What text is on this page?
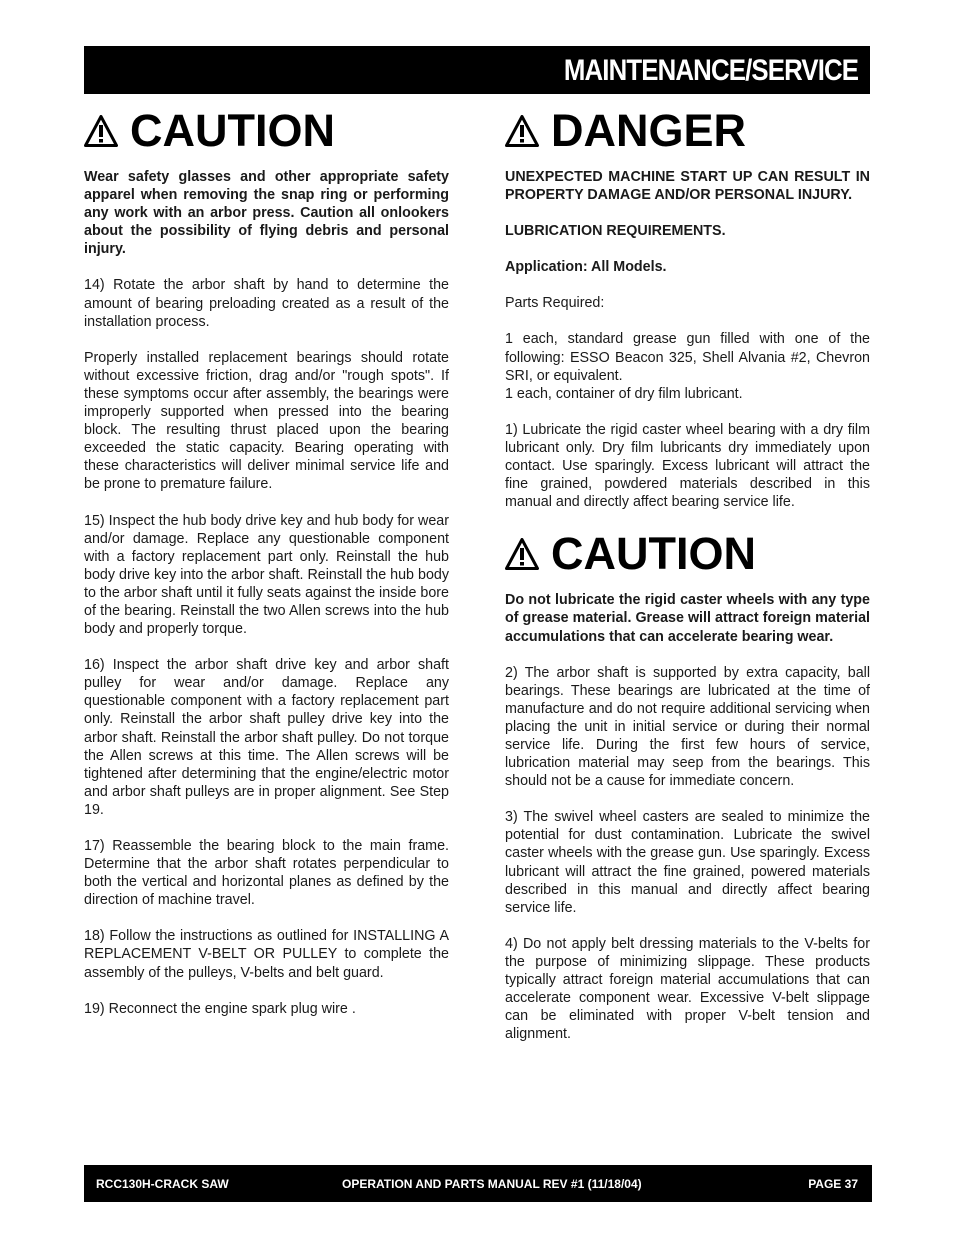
MAINTENANCE/SERVICE
CAUTION

Wear safety glasses and other appropriate safety apparel when removing the snap ring or performing any work with an arbor press. Caution all onlookers about the possibility of flying debris and personal injury.

14) Rotate the arbor shaft by hand to determine the amount of bearing preloading created as a result of the installation process.

Properly installed replacement bearings should rotate without excessive friction, drag and/or "rough spots". If these symptoms occur after assembly, the bearings were improperly supported when pressed into the bearing block. The resulting thrust placed upon the bearing exceeded the static capacity. Bearing operating with these characteristics will deliver minimal service life and be prone to premature failure.

15) Inspect the hub body drive key and hub body for wear and/or damage. Replace any questionable component with a factory replacement part only. Reinstall the hub body drive key into the arbor shaft. Reinstall the hub body to the arbor shaft until it fully seats against the inside bore of the bearing. Reinstall the two Allen screws into the hub body and properly torque.

16) Inspect the arbor shaft drive key and arbor shaft pulley for wear and/or damage. Replace any questionable component with a factory replacement part only. Reinstall the arbor shaft pulley drive key into the arbor shaft. Reinstall the arbor shaft pulley. Do not torque the Allen screws at this time. The Allen screws will be tightened after determining that the engine/electric motor and arbor shaft pulleys are in proper alignment. See Step 19.

17) Reassemble the bearing block to the main frame. Determine that the arbor shaft rotates perpendicular to both the vertical and horizontal planes as defined by the direction of machine travel.

18) Follow the instructions as outlined for INSTALLING A REPLACEMENT V-BELT OR PULLEY to complete the assembly of the pulleys, V-belts and belt guard.

19) Reconnect the engine spark plug wire .

DANGER

UNEXPECTED MACHINE START UP CAN RESULT IN PROPERTY DAMAGE AND/OR PERSONAL INJURY.

LUBRICATION REQUIREMENTS.

Application: All Models.

Parts Required:

1 each, standard grease gun filled with one of the following: ESSO Beacon 325, Shell Alvania #2, Chevron SRI, or equivalent.

1 each, container of dry film lubricant.

1) Lubricate the rigid caster wheel bearing with a dry film lubricant only. Dry film lubricants dry immediately upon contact. Use sparingly. Excess lubricant will attract the fine grained, powdered materials described in this manual and directly affect bearing service life.

CAUTION

Do not lubricate the rigid caster wheels with any type of grease material. Grease will attract foreign material accumulations that can accelerate bearing wear.

2) The arbor shaft is supported by extra capacity, ball bearings. These bearings are lubricated at the time of manufacture and do not require additional servicing when placing the unit in initial service or during their normal service life. During the first few hours of service, lubrication material may seep from the bearings. This should not be a cause for immediate concern.

3) The swivel wheel casters are sealed to minimize the potential for dust contamination. Lubricate the swivel caster wheels with the grease gun. Use sparingly. Excess lubricant will attract the fine grained, powered materials described in this manual and directly affect bearing service life.

4) Do not apply belt dressing materials to the V-belts for the purpose of minimizing slippage. These products typically attract foreign material accumulations that can accelerate component wear. Excessive V-belt slippage can be eliminated with proper V-belt tension and alignment.

RCC130H-CRACK SAW	OPERATION AND PARTS MANUAL REV #1 (11/18/04)	PAGE 37
